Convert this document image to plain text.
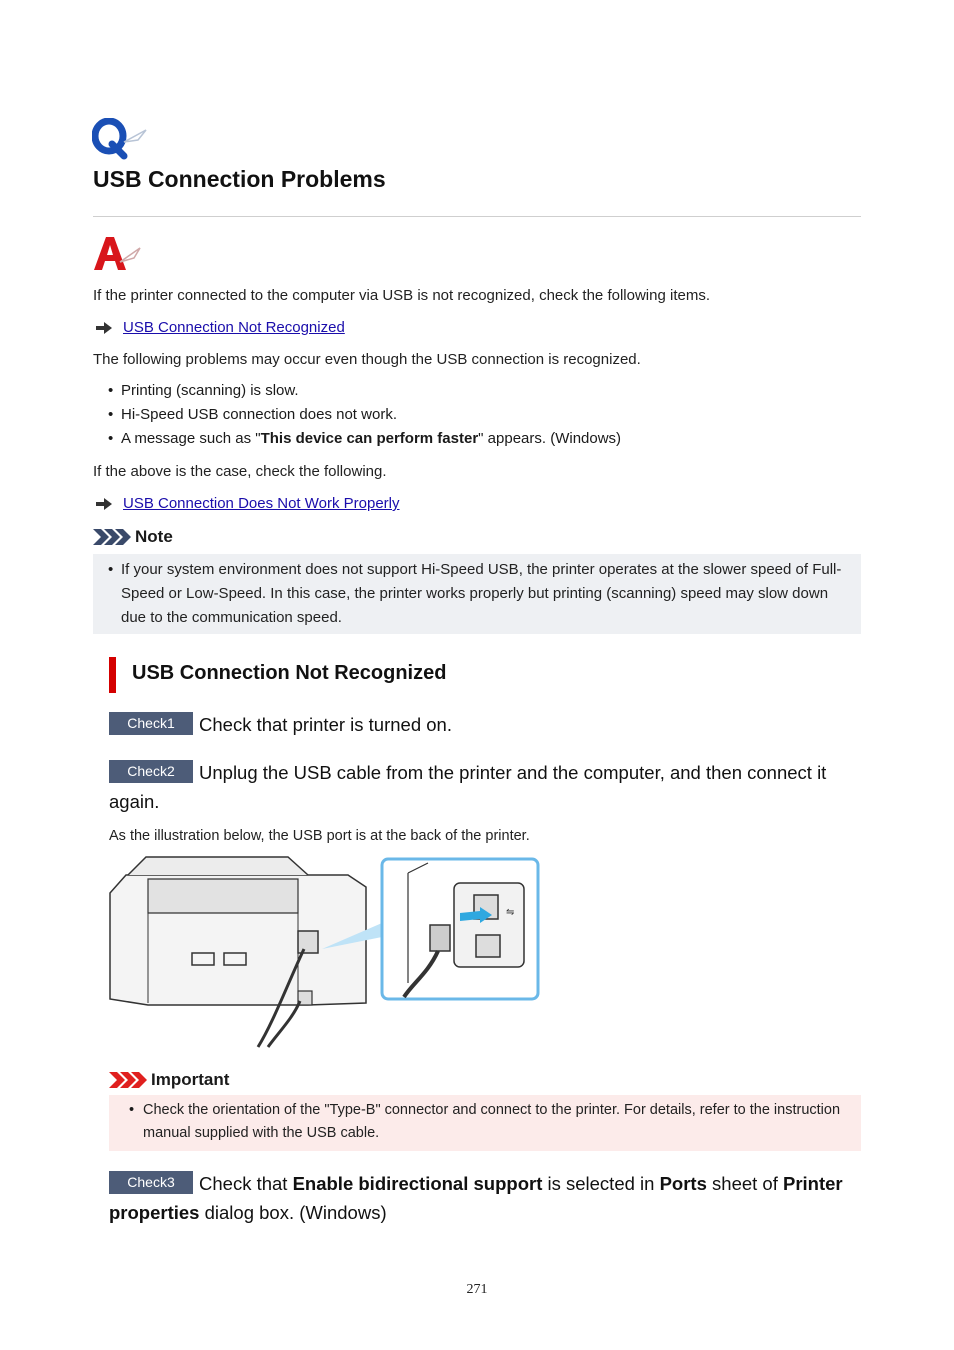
USB Connection Problems
If the printer connected to the computer via USB is not recognized, check the following items.
USB Connection Not Recognized
The following problems may occur even though the USB connection is recognized.
• Printing (scanning) is slow.
• Hi-Speed USB connection does not work.
• A message such as "This device can perform faster" appears. (Windows)
If the above is the case, check the following.
USB Connection Does Not Work Properly
Note
• If your system environment does not support Hi-Speed USB, the printer operates at the slower speed of Full-Speed or Low-Speed. In this case, the printer works properly but printing (scanning) speed may slow down due to the communication speed.
USB Connection Not Recognized
Check1 Check that printer is turned on.
Check2 Unplug the USB cable from the printer and the computer, and then connect it again.
As the illustration below, the USB port is at the back of the printer.
⇋
Important
• Check the orientation of the "Type-B" connector and connect to the printer. For details, refer to the instruction manual supplied with the USB cable.
Check3 Check that Enable bidirectional support is selected in Ports sheet of Printer properties dialog box. (Windows)
271
